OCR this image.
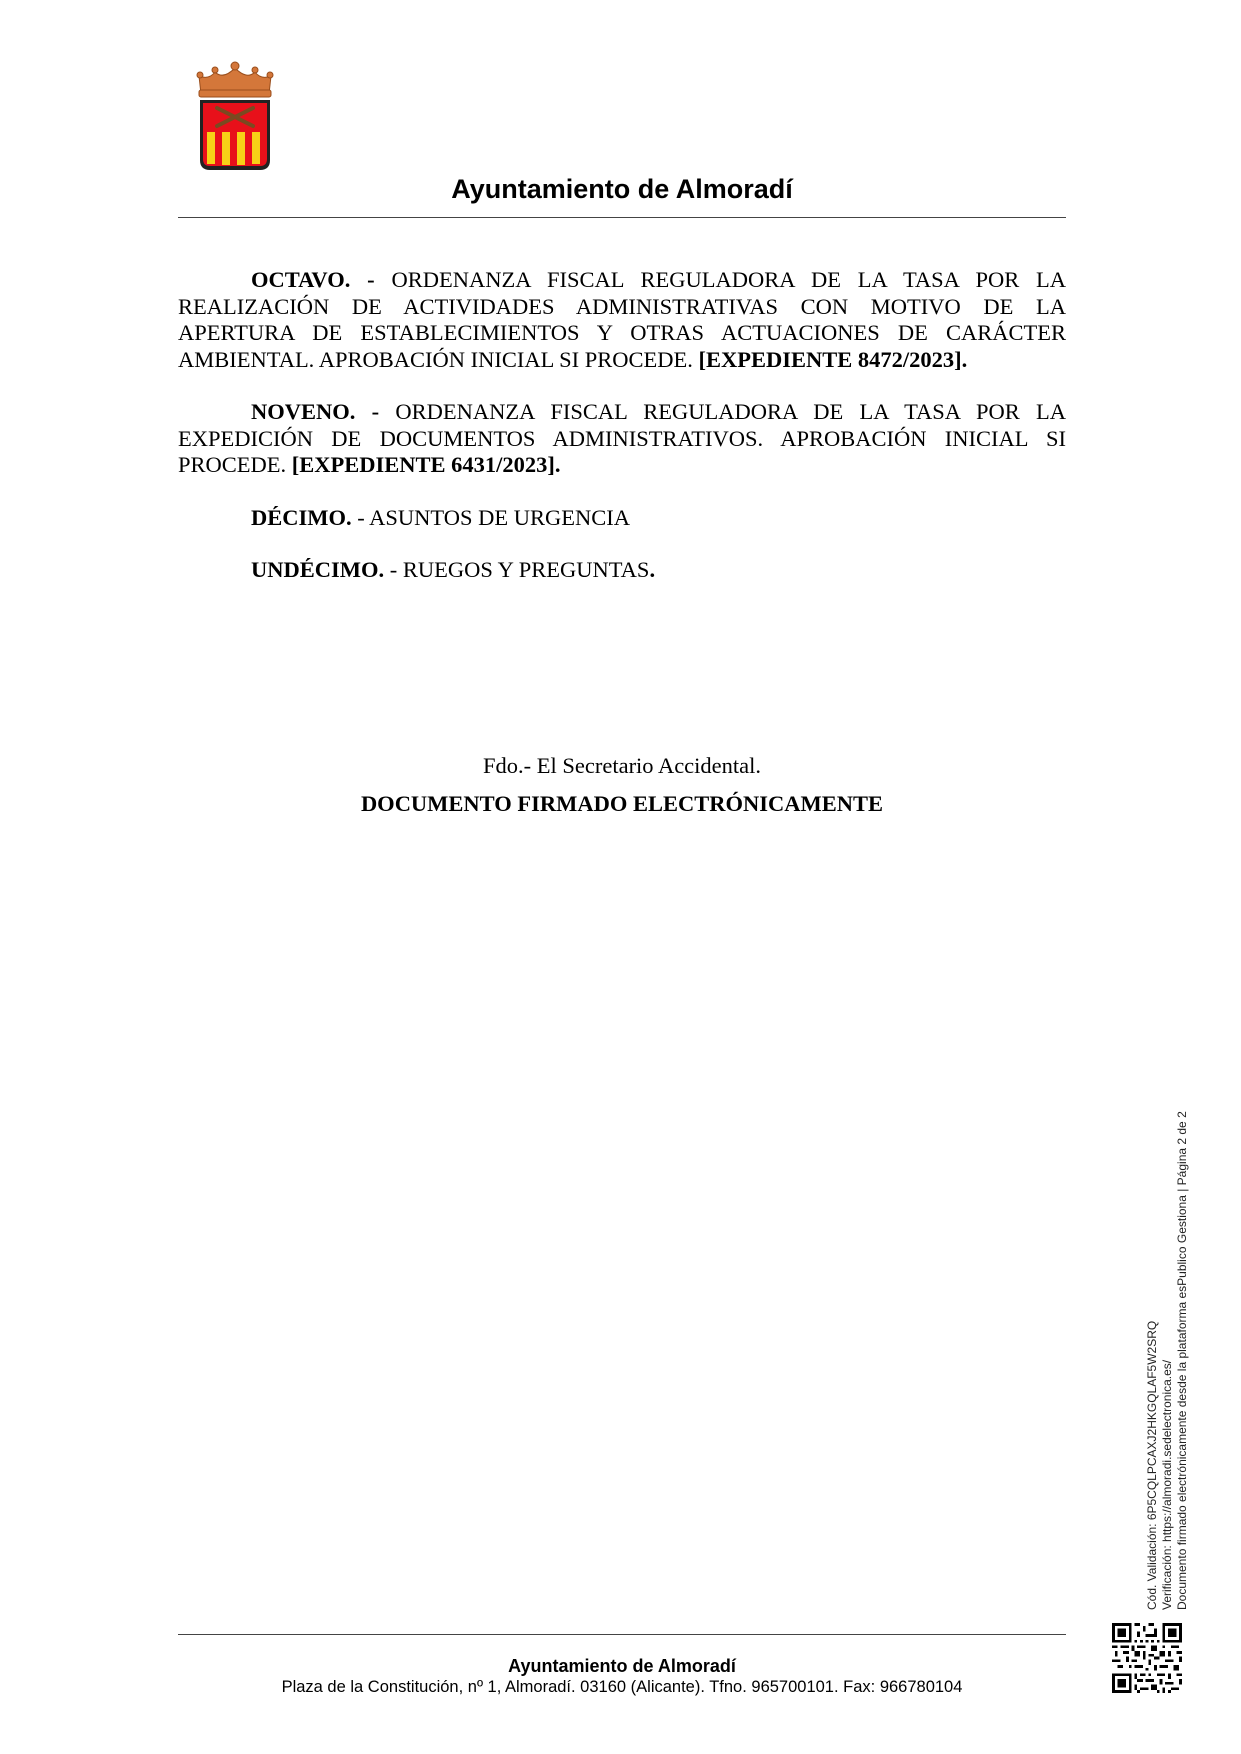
Ayuntamiento de Almoradí

OCTAVO. - ORDENANZA FISCAL REGULADORA DE LA TASA POR LA REALIZACIÓN DE ACTIVIDADES ADMINISTRATIVAS CON MOTIVO DE LA APERTURA DE ESTABLECIMIENTOS Y OTRAS ACTUACIONES DE CARÁCTER AMBIENTAL. APROBACIÓN INICIAL SI PROCEDE. [EXPEDIENTE 8472/2023].

NOVENO. - ORDENANZA FISCAL REGULADORA DE LA TASA POR LA EXPEDICIÓN DE DOCUMENTOS ADMINISTRATIVOS. APROBACIÓN INICIAL SI PROCEDE. [EXPEDIENTE 6431/2023].

DÉCIMO. - ASUNTOS DE URGENCIA

UNDÉCIMO. - RUEGOS Y PREGUNTAS.

Fdo.- El Secretario Accidental.
DOCUMENTO FIRMADO ELECTRÓNICAMENTE
Cód. Validación: 6P5CQLPCAXJ2HKGQLAF5W2SRQ Verificación: https://almoradi.sedelectronica.es/ Documento firmado electrónicamente desde la plataforma esPublico Gestiona | Página 2 de 2
Ayuntamiento de Almoradí
Plaza de la Constitución, nº 1, Almoradí. 03160 (Alicante). Tfno. 965700101. Fax: 966780104
